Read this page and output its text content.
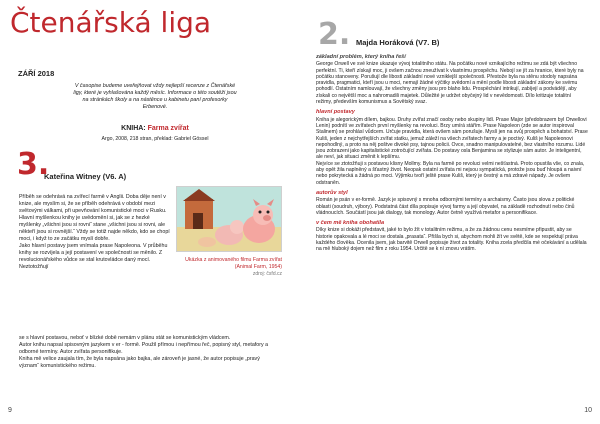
Čtenářská liga
ZÁŘÍ 2018
V časopise budeme uveřejňovat vždy nejlepší recenze z Čtenářské ligy, které je vyhlašována každý měsíc. Informace o této soutěži jsou na stránkách školy a na nástěnce u kabinetu paní profesorky Erbenové.
KNIHA: Farma zvířat
Argo, 2008, 218 stran, překlad: Gabriel Gössel
3.
Kateřina Witney (V6. A)

Příběh se odehrává na zvířecí farmě v Anglii. Doba děje není v knize, ale myslím si, že se příběh odehrává v období mezi světovými válkami, při upevňování komunistické moci v Rusku.

Hlavní myšlenkou knihy je uvědomění si, jak se z hezké myšlenky „všichni jsou si rovni“ stane „všichni jsou si rovni, ale někteří jsou si rovnější.“ Vždy se totiž najde někdo, kdo se chopí moci, i když to ze začátku myslí dobře.

Jako hlavní postavy jsem vnímala prase Napoleona. V průběhu knihy se rozvíjela a její postavení ve společnosti se měnilo. Z revolucionářského vůdce se stal krutovládce daný mocí. Neztotožňují

se s hlavní postavou, neboť v blízké době nemám v plánu stát se komunistickým vládcem.

Autor knihu napsal spisovným jazykem v er - formě. Použil přímou i nepřímou řeč, popisný styl, metafory a odborné termíny. Autor zvířata personifikuje.

Kniha mě velice zaujala tím, že byla napsána jako bajka, ale zároveň je jasné, že autor popisuje „pravý význam“ komunistického režimu.

Ukázka z animovaného filmu Farma zvířat (Animal Farm, 1954)
zdroj: čsfd.cz
9
2. Majda Horáková (V7. B)
základní problém, který kniha řeší

George Orwell ve své knize ukazuje vývoj totalitního státu. Na počátku nové vznikajícího režimu se zdá být všechno perfektní. Ti, kteří získají moc, ji ovšem začnou zneužívat k vlastnímu prospěchu. Nebojí se jít za hranice, které byly na počátku stanoveny. Porušují dle libosti základní nové vzniklejší společnosti. Přestože byla na stěnu stodoly napsána pravidla, pragmatici, kteří jsou u moci, nemají žádné výčitky svědomí a mění podle libosti základní zákony ke svému pohodlí. Ostatním namlouvají, že všechny změny jsou pro blaho lidu. Prospěchání intrikují, zabíjejí a podvádějí, aby získali co největší moc a nahromadili majetek. Důležité je udržet obyčejný lid v nevědomosti. Dílo kritizuje totalitní režimy, především komunismus a Sovětský svaz.

hlavní postavy

Kniha je alegorickým dílem, bajkou. Druhy zvířat značí osoby nebo skupiny lidí. Prase Major (předobrazem byl Orwellovi Lenin) podnítí ve zvířatech první myšlenky na revoluci. Brzy umírá stářím. Prase Napoleon (zde se autor inspiroval Stalinem) se prohlásí vůdcem. Určuje pravidla, která ovšem sám porušuje. Myslí jen na svůj prospěch a bohatství. Prase Kuliš, jeden z nejchytřejších zvířat statku, jemuž záleží na všech zvířatech farmy a je poctivý. Kuliš je Napoleonovi nepohodlný, a proto na něj poštve divoké psy, tajnou policii. Ovce, snadno manipulovatelné, bez vlastního rozumu. Lidé jsou zobrazeni jako kapitalistické zotročující zvířata. Do postavy osla Benjamina se stylizuje sám autor. Je inteligentní, ale neví, jak situaci změnit k lepšímu.
Nejvíce se ztotožňuji s postavou klisny Mollmy. Byla na farmě po revoluci velmi nešťastná. Proto opustila vše, co znala, aby opět žila naplněný a šťastný život. Neopak ostatní zvířata mi nejsou sympatická, protože jsou buď hloupá a naivní nebo pokrytecká a žádná po moci. Výjimku tvoří ještě prase Kuliš, který je čestný a má zdravé nápady. Je ovšem odstraněn.

autorův styl

Román je psán v er-formě. Jazyk je spisovný s mnoha odbornými termíny a archaismy. Často jsou slova z politické oblasti (soudruh, výbory). Podstatná část díla popisuje vývoj farmy a její obyvatel, na základě rozhodnutí nebo činů vládnoucích. Součástí jsou jak dialogy, tak monology. Autor četně využívá metafor a personifikace.

v čem mě kniha obohatila

Díky knize si dokáži představit, jaké to bylo žít v totalitním režimu, a že za žádnou cenu nesmíme připustit, aby se historie opakovala a lé moci se dostala „prasata“. Přišla bych si, abychom mohli žít ve světě, kde se respektují práva každého člověka. Ocenila jsem, jak barvitě Orwell popisuje život za totality. Kniha zcela předčila mé očekávání a udělala na mě hluboký dojem než film z roku 1954. Určitě se k ní znovu vrátím.

10
